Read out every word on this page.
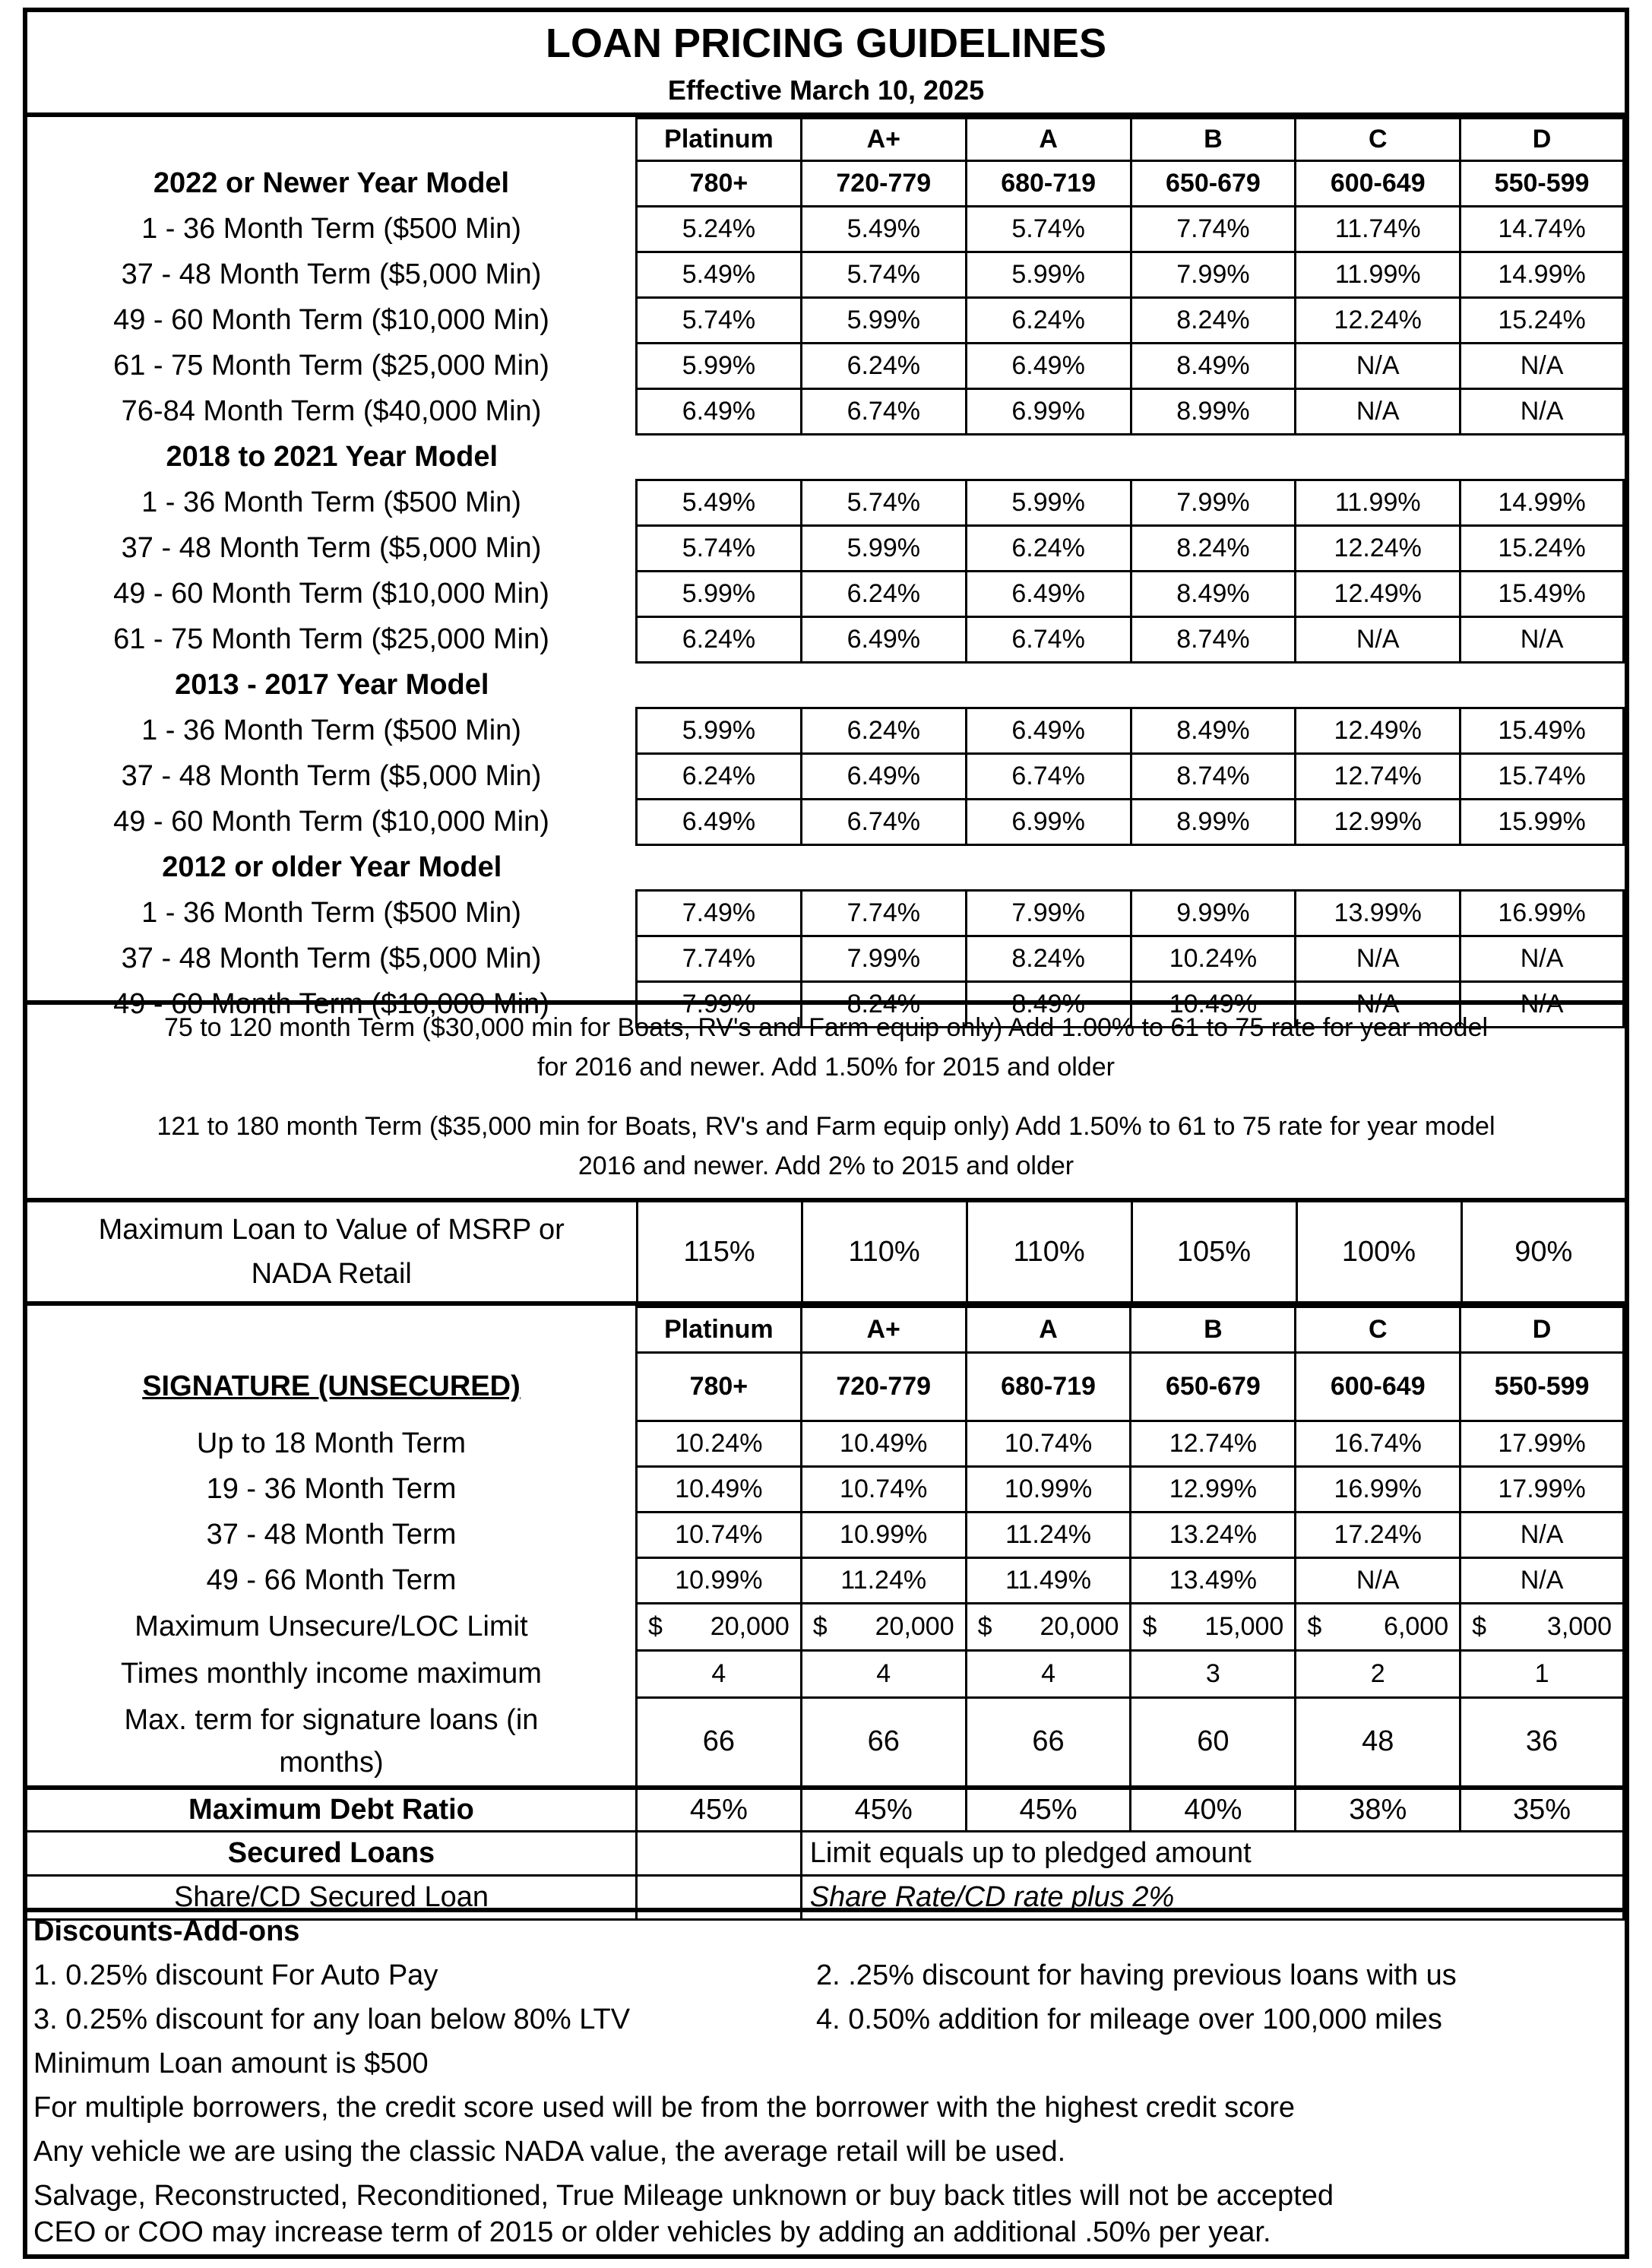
LOAN PRICING GUIDELINES
Effective March 10, 2025
	Platinum	A+	A	B	C	D
2022 or Newer Year Model	780+	720-779	680-719	650-679	600-649	550-599
1 - 36 Month Term ($500 Min)	5.24%	5.49%	5.74%	7.74%	11.74%	14.74%
37 - 48 Month Term ($5,000 Min)	5.49%	5.74%	5.99%	7.99%	11.99%	14.99%
49 - 60 Month Term ($10,000 Min)	5.74%	5.99%	6.24%	8.24%	12.24%	15.24%
61 - 75 Month Term ($25,000 Min)	5.99%	6.24%	6.49%	8.49%	N/A	N/A
76-84 Month Term ($40,000 Min)	6.49%	6.74%	6.99%	8.99%	N/A	N/A
2018 to 2021 Year Model						
1 - 36 Month Term ($500 Min)	5.49%	5.74%	5.99%	7.99%	11.99%	14.99%
37 - 48 Month Term ($5,000 Min)	5.74%	5.99%	6.24%	8.24%	12.24%	15.24%
49 - 60 Month Term ($10,000 Min)	5.99%	6.24%	6.49%	8.49%	12.49%	15.49%
61 - 75 Month Term ($25,000 Min)	6.24%	6.49%	6.74%	8.74%	N/A	N/A
2013 - 2017 Year Model						
1 - 36 Month Term ($500 Min)	5.99%	6.24%	6.49%	8.49%	12.49%	15.49%
37 - 48 Month Term ($5,000 Min)	6.24%	6.49%	6.74%	8.74%	12.74%	15.74%
49 - 60 Month Term ($10,000 Min)	6.49%	6.74%	6.99%	8.99%	12.99%	15.99%
2012 or older Year Model						
1 - 36 Month Term ($500 Min)	7.49%	7.74%	7.99%	9.99%	13.99%	16.99%
37 - 48 Month Term ($5,000 Min)	7.74%	7.99%	8.24%	10.24%	N/A	N/A
49 - 60 Month Term ($10,000 Min)	7.99%	8.24%	8.49%	10.49%	N/A	N/A
75 to 120 month Term ($30,000 min for Boats, RV's and Farm equip only) Add 1.00% to 61 to 75 rate for year model
for 2016 and newer. Add 1.50% for 2015 and older
121 to 180 month Term ($35,000 min for Boats, RV's and Farm equip only) Add 1.50% to 61 to 75 rate for year model
2016 and newer. Add 2% to 2015 and older
Maximum Loan to Value of MSRP or
NADA Retail
	115%	110%	110%	105%	100%	90%
	Platinum	A+	A	B	C	D
SIGNATURE (UNSECURED)	780+	720-779	680-719	650-679	600-649	550-599
Up to 18 Month Term	10.24%	10.49%	10.74%	12.74%	16.74%	17.99%
19 - 36 Month Term	10.49%	10.74%	10.99%	12.99%	16.99%	17.99%
37 - 48 Month Term	10.74%	10.99%	11.24%	13.24%	17.24%	N/A
49 - 66 Month Term	10.99%	11.24%	11.49%	13.49%	N/A	N/A
Maximum Unsecure/LOC Limit	$ 20,000	$ 20,000	$ 20,000	$ 15,000	$ 6,000	$ 3,000

Times monthly income maximum	4	4	4	3	2	1

Max. term for signature loans (in
months)	66	66	66	60	48	36
Maximum Debt Ratio	45%	45%	45%	40%	38%	35%
Secured Loans		Limit equals up to pledged amount				
Share/CD Secured Loan		Share Rate/CD rate plus 2%				
Discounts-Add-ons
1. 0.25% discount For Auto Pay	2. .25% discount for having previous loans with us
3. 0.25% discount for any loan below 80% LTV	4. 0.50% addition for mileage over 100,000 miles
Minimum Loan amount is $500
For multiple borrowers, the credit score used will be from the borrower with the highest credit score
Any vehicle we are using the classic NADA value, the average retail will be used.
Salvage, Reconstructed, Reconditioned, True Mileage unknown or buy back titles will not be accepted
CEO or COO may increase term of 2015 or older vehicles by adding an additional .50% per year.
